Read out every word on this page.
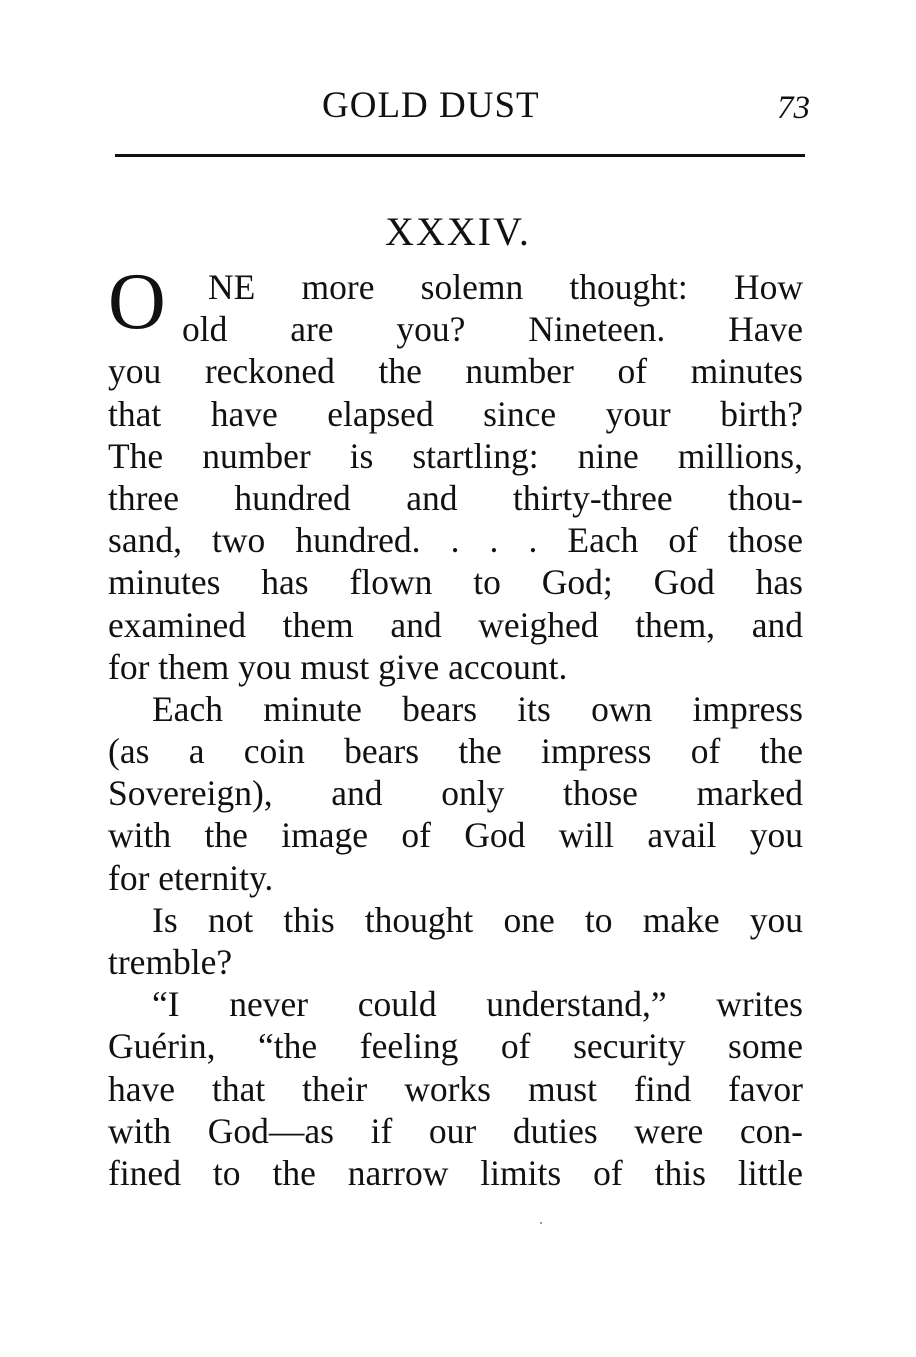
GOLD DUST	73
XXXIV.
O	NE more solemn thought: How
old are you? Nineteen. Have
you reckoned the number of minutes
that have elapsed since your birth?
The number is startling: nine millions,
three hundred and thirty-three thou-
sand, two hundred. . . . Each of those
minutes has flown to God; God has
examined them and weighed them, and
for them you must give account.
Each minute bears its own impress
(as a coin bears the impress of the
Sovereign), and only those marked
with the image of God will avail you
for eternity.
Is not this thought one to make you
tremble?
“I never could understand,” writes
Guérin, “the feeling of security some
have that their works must find favor
with God—as if our duties were con-
fined to the narrow limits of this little
